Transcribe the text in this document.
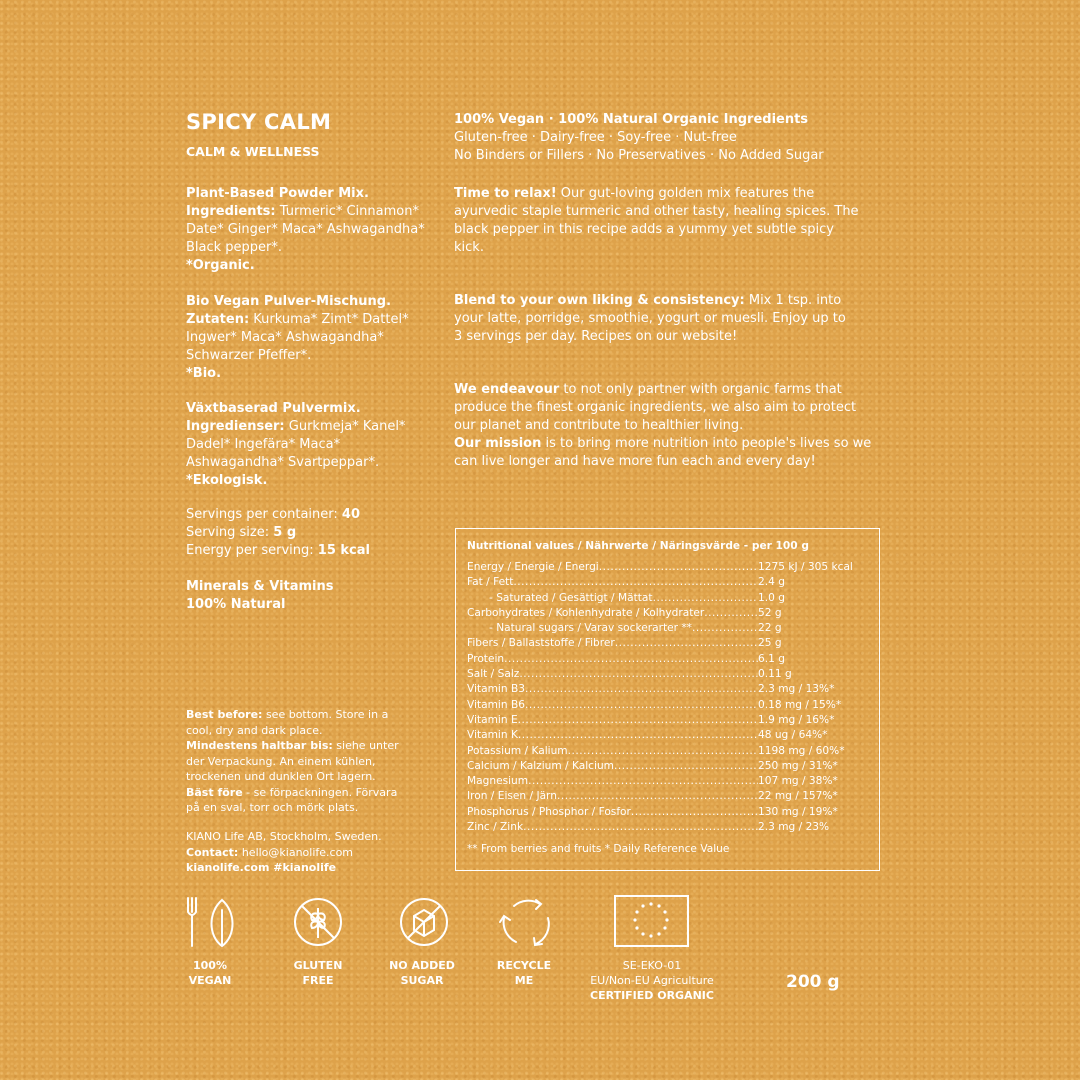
SPICY CALM
CALM & WELLNESS

Plant-Based Powder Mix.

Ingredients: Turmeric* Cinnamon* Date* Ginger* Maca* Ashwagandha* Black pepper*.

*Organic.

Bio Vegan Pulver-Mischung.

Zutaten: Kurkuma* Zimt* Dattel* Ingwer* Maca* Ashwagandha* Schwarzer Pfeffer*.

*Bio.

Växtbaserad Pulvermix.

Ingredienser: Gurkmeja* Kanel* Dadel* Ingefära* Maca* Ashwagandha* Svartpeppar*.

*Ekologisk.

Servings per container: 40

Serving size: 5 g

Energy per serving: 15 kcal

Minerals & Vitamins

100% Natural

Best before: see bottom. Store in a cool, dry and dark place.

Mindestens haltbar bis: siehe unter der Verpackung. An einem kühlen, trockenen und dunklen Ort lagern.

Bäst före - se förpackningen. Förvara på en sval, torr och mörk plats.

KIANO Life AB, Stockholm, Sweden.

Contact: hello@kianolife.com

kianolife.com #kianolife

100% Vegan · 100% Natural Organic Ingredients

Gluten-free · Dairy-free · Soy-free · Nut-free

No Binders or Fillers · No Preservatives · No Added Sugar

Time to relax! Our gut-loving golden mix features the ayurvedic staple turmeric and other tasty, healing spices. The black pepper in this recipe adds a yummy yet subtle spicy kick.

Blend to your own liking & consistency: Mix 1 tsp. into your latte, porridge, smoothie, yogurt or muesli. Enjoy up to 3 servings per day. Recipes on our website!

We endeavour to not only partner with organic farms that produce the finest organic ingredients, we also aim to protect our planet and contribute to healthier living.

Our mission is to bring more nutrition into people's lives so we can live longer and have more fun each and every day!

Nutritional values / Nährwerte / Näringsvärde - per 100 g
Energy / Energie / Energi .....	1275 kJ / 305 kcal
Fat / Fett .....	2.4 g
- Saturated / Gesättigt / Mättat .....	1.0 g
Carbohydrates / Kohlenhydrate / Kolhydrater .....	52 g
- Natural sugars / Varav sockerarter ** .....	22 g
Fibers / Ballaststoffe / Fibrer .....	25 g
Protein .....	6.1 g
Salt / Salz .....	0.11 g
Vitamin B3 .....	2.3 mg / 13%*
Vitamin B6 .....	0.18 mg / 15%*
Vitamin E .....	1.9 mg / 16%*
Vitamin K .....	48 ug / 64%*
Potassium / Kalium .....	1198 mg / 60%*
Calcium / Kalzium / Kalcium .....	250 mg / 31%*
Magnesium .....	107 mg / 38%*
Iron / Eisen / Järn .....	22 mg / 157%*
Phosphorus / Phosphor / Fosfor .....	130 mg / 19%*
Zinc / Zink .....	2.3 mg / 23%
** From berries and fruits * Daily Reference Value
100%
VEGAN
GLUTEN
FREE
NO ADDED
SUGAR
RECYCLE
ME
SE-EKO-01
EU/Non-EU Agriculture
CERTIFIED ORGANIC
200 g
